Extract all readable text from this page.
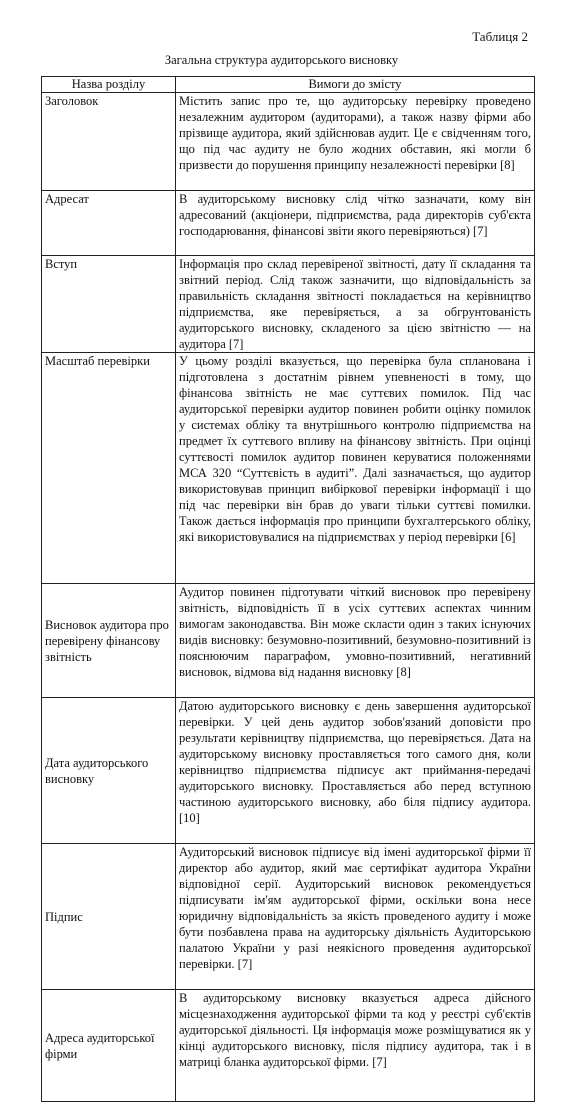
Таблиця 2
Загальна структура аудиторського висновку
Назва розділу	Вимоги до змісту
Заголовок	Містить запис про те, що аудиторську перевірку проведено незалежним аудитором (аудиторами), а також назву фірми або прізвище аудитора, який здійснював аудит. Це є свідченням того, що під час аудиту не було жодних обставин, які могли б призвести до порушення принципу незалежності перевірки [8]
Адресат	В аудиторському висновку слід чітко зазначати, кому він адресований (акціонери, підприємства, рада директорів суб'єкта господарювання, фінансові звіти якого перевіряються) [7]
Вступ	Інформація про склад перевіреної звітності, дату її складання та звітний період. Слід також зазначити, що відповідальність за правильність складання звітності покладається на керівництво підприємства, яке перевіряється, а за обгрунтованість аудиторського висновку, складеного за цією звітністю — на аудитора [7]
Масштаб перевірки	У цьому розділі вказується, що перевірка була спланована і підготовлена з достатнім рівнем упевненості в тому, що фінансова звітність не має суттєвих помилок. Під час аудиторської перевірки аудитор повинен робити оцінку помилок у системах обліку та внутрішнього контролю підприємства на предмет їх суттєвого впливу на фінансову звітність. При оцінці суттєвості помилок аудитор повинен керуватися положеннями МСА 320 “Суттєвість в аудиті”. Далі зазначається, що аудитор використовував принцип вибіркової перевірки інформації і що під час перевірки він брав до уваги тільки суттєві помилки. Також дається інформація про принципи бухгалтерського обліку, які використовувалися на підприємствах у період перевірки [6]
Висновок аудитора про перевірену фінансову звітність	Аудитор повинен підготувати чіткий висновок про перевірену звітність, відповідність її в усіх суттєвих аспектах чинним вимогам законодавства. Він може скласти один з таких існуючих видів висновку: безумовно-позитивний, безумовно-позитивний із пояснюючим параграфом, умовно-позитивний, негативний висновок, відмова від надання висновку [8]
Дата аудиторського висновку	Датою аудиторського висновку є день завершення аудиторської перевірки. У цей день аудитор зобов'язаний доповісти про результати керівництву підприємства, що перевіряється. Дата на аудиторському висновку проставляється того самого дня, коли керівництво підприємства підписує акт приймання-передачі аудиторського висновку. Проставляється або перед вступною частиною аудиторського висновку, або біля підпису аудитора. [10]
Підпис	Аудиторський висновок підписує від імені аудиторської фірми її директор або аудитор, який має сертифікат аудитора України відповідної серії. Аудиторський висновок рекомендується підписувати ім'ям аудиторської фірми, оскільки вона несе юридичну відповідальність за якість проведеного аудиту і може бути позбавлена права на аудиторську діяльність Аудиторською палатою України у разі неякісного проведення аудиторської перевірки. [7]
Адреса аудиторської фірми	В аудиторському висновку вказується адреса дійсного місцезнаходження аудиторської фірми та код у реєстрі суб'єктів аудиторської діяльності. Ця інформація може розміщуватися як у кінці аудиторського висновку, після підпису аудитора, так і в матриці бланка аудиторської фірми. [7]
